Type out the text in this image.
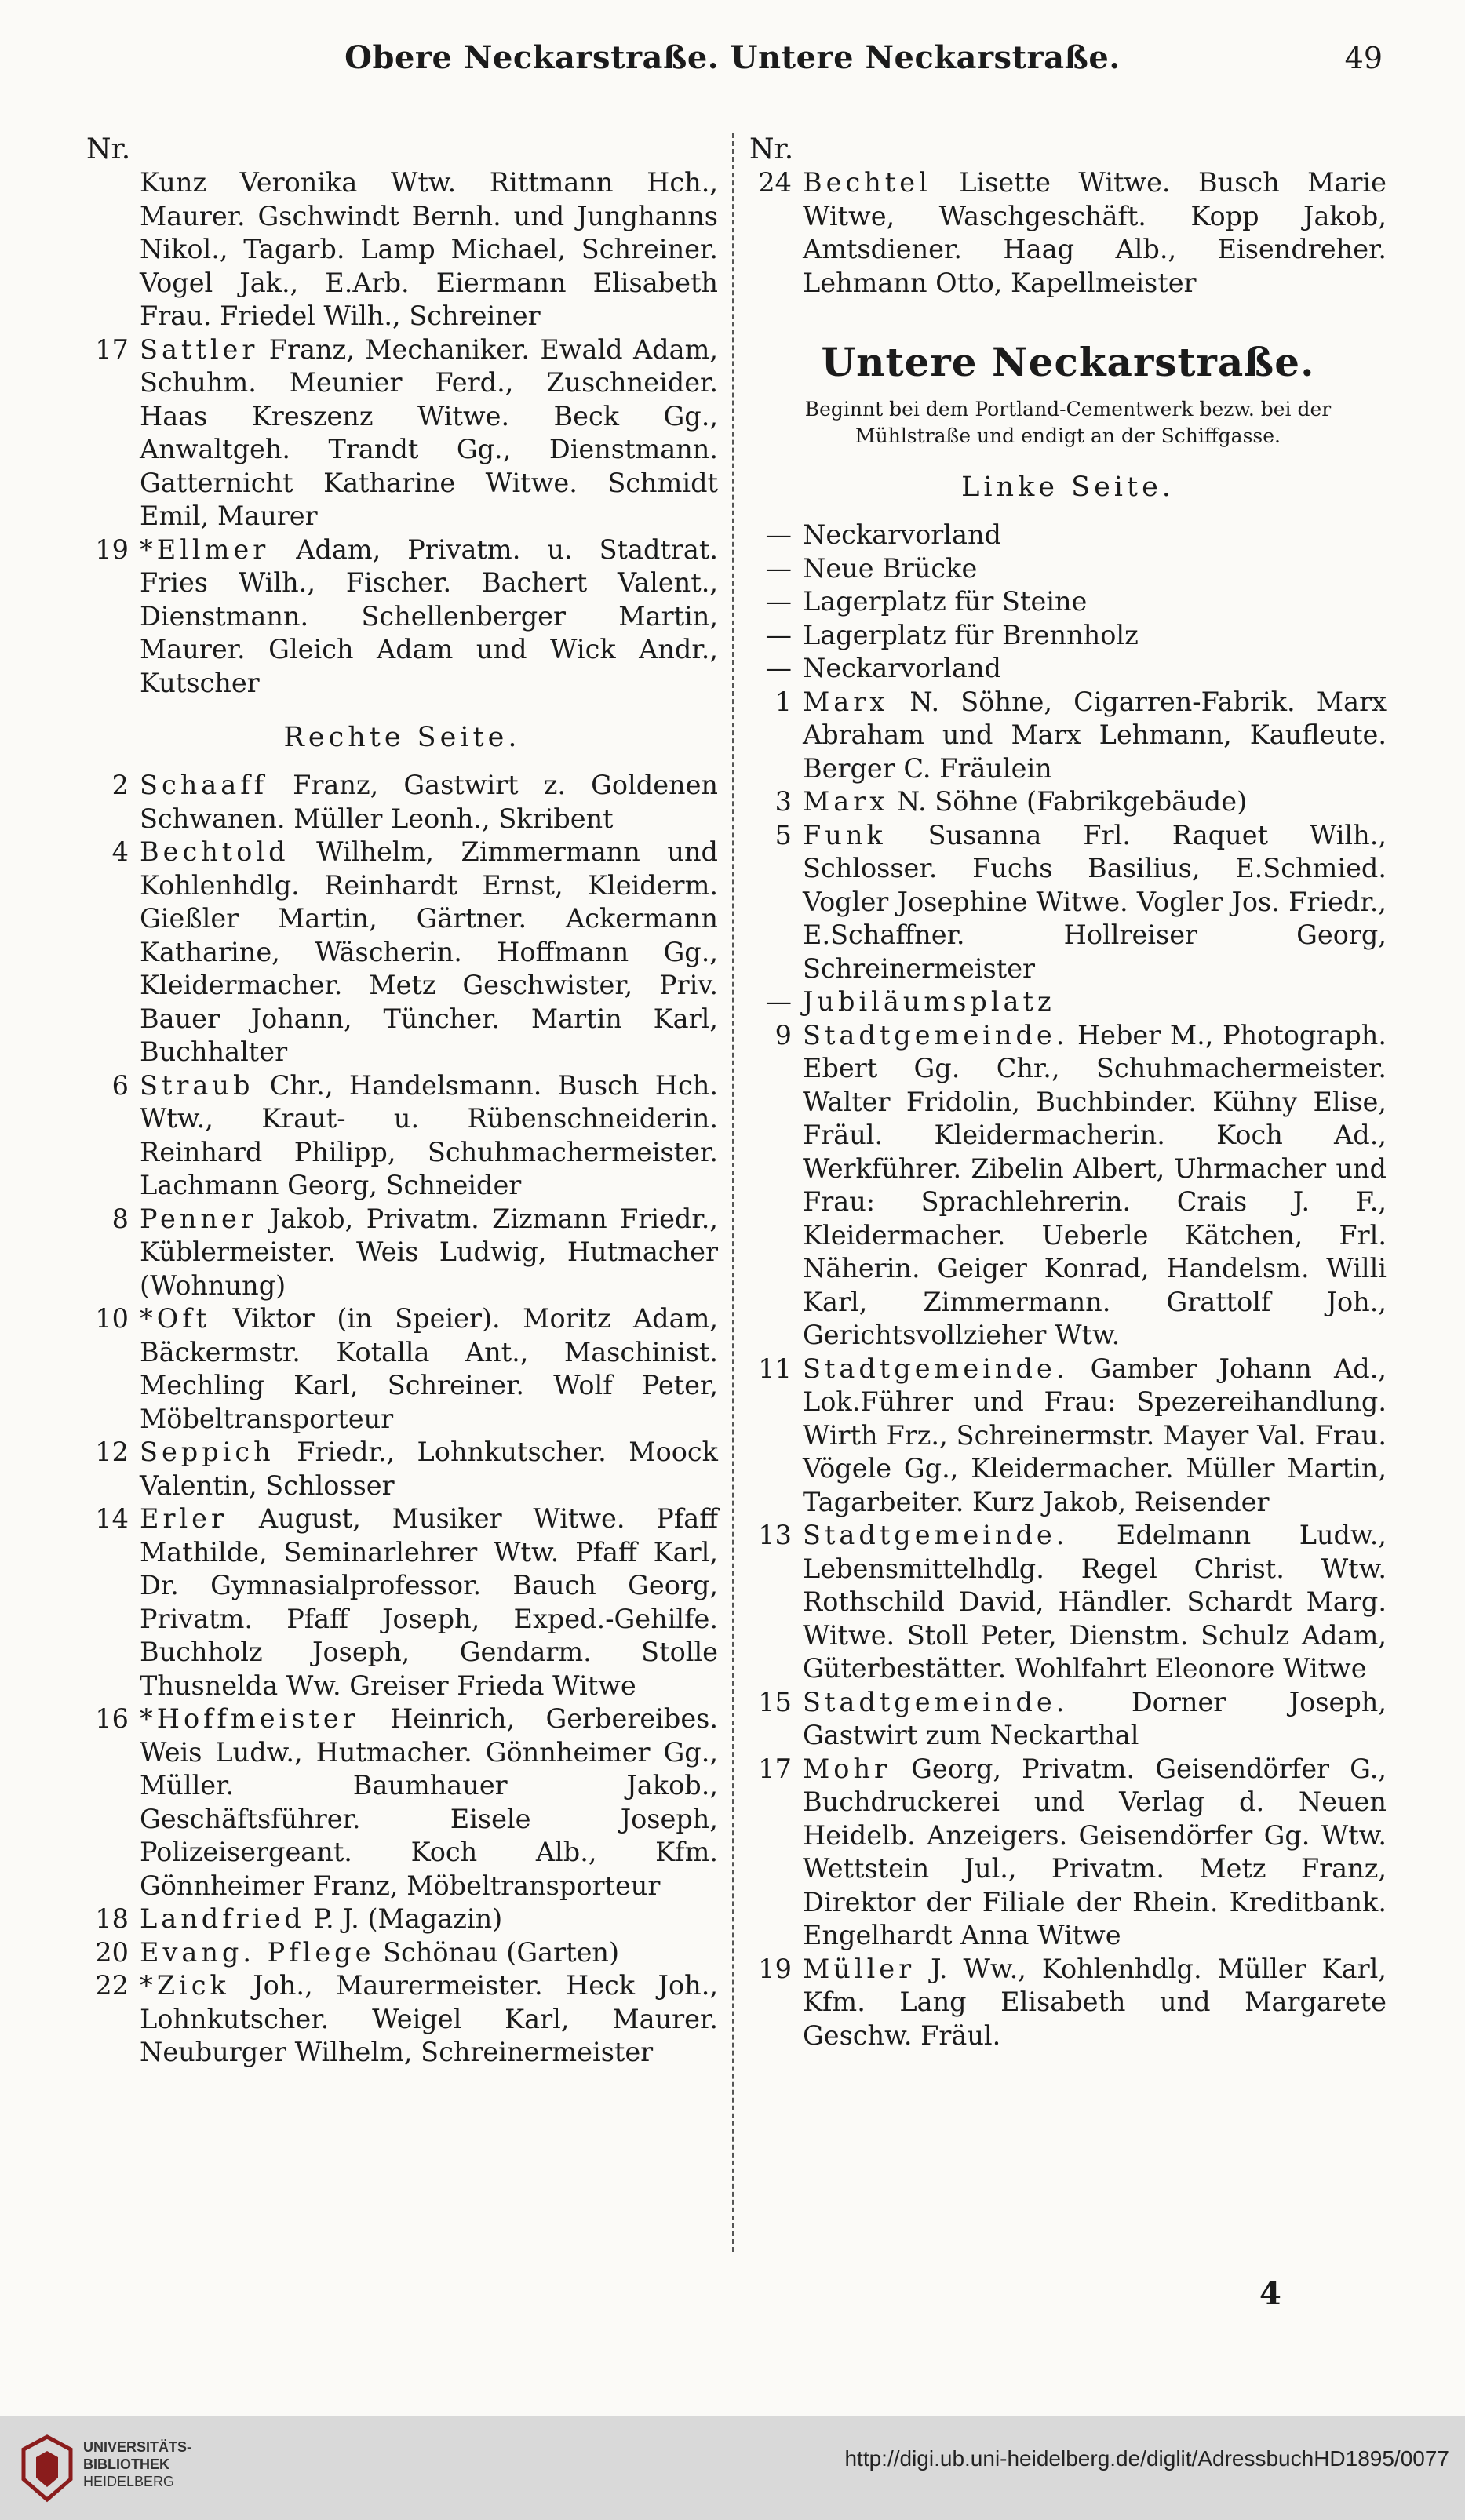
Obere Neckarstraße. Untere Neckarstraße.	49
Nr.
Kunz Veronika Wtw. Rittmann Hch., Maurer. Gschwindt Bernh. und Junghanns Nikol., Tagarb. Lamp Michael, Schreiner. Vogel Jak., E.Arb. Eiermann Elisabeth Frau. Friedel Wilh., Schreiner
17 Sattler Franz, Mechaniker. Ewald Adam, Schuhm. Meunier Ferd., Zuschneider. Haas Kreszenz Witwe. Beck Gg., Anwaltgeh. Trandt Gg., Dienstmann. Gatternicht Katharine Witwe. Schmidt Emil, Maurer
19 *Ellmer Adam, Privatm. u. Stadtrat. Fries Wilh., Fischer. Bachert Valent., Dienstmann. Schellenberger Martin, Maurer. Gleich Adam und Wick Andr., Kutscher
Rechte Seite.
2 Schaaff Franz, Gastwirt z. Goldenen Schwanen. Müller Leonh., Skribent
4 Bechtold Wilhelm, Zimmermann und Kohlenhdlg. Reinhardt Ernst, Kleiderm. Gießler Martin, Gärtner. Ackermann Katharine, Wäscherin. Hoffmann Gg., Kleidermacher. Metz Geschwister, Priv. Bauer Johann, Tüncher. Martin Karl, Buchhalter
6 Straub Chr., Handelsmann. Busch Hch. Wtw., Kraut- u. Rübenschneiderin. Reinhard Philipp, Schuhmachermeister. Lachmann Georg, Schneider
8 Penner Jakob, Privatm. Zizmann Friedr., Küblermeister. Weis Ludwig, Hutmacher (Wohnung)
10 *Oft Viktor (in Speier). Moritz Adam, Bäckermstr. Kotalla Ant., Maschinist. Mechling Karl, Schreiner. Wolf Peter, Möbeltransporteur
12 Seppich Friedr., Lohnkutscher. Moock Valentin, Schlosser
14 Erler August, Musiker Witwe. Pfaff Mathilde, Seminarlehrer Wtw. Pfaff Karl, Dr. Gymnasialprofessor. Bauch Georg, Privatm. Pfaff Joseph, Exped.-Gehilfe. Buchholz Joseph, Gendarm. Stolle Thusnelda Ww. Greiser Frieda Witwe
16 *Hoffmeister Heinrich, Gerbereibes. Weis Ludw., Hutmacher. Gönnheimer Gg., Müller. Baumhauer Jakob., Geschäftsführer. Eisele Joseph, Polizeisergeant. Koch Alb., Kfm. Gönnheimer Franz, Möbeltransporteur
18 Landfried P. J. (Magazin)
20 Evang. Pflege Schönau (Garten)
22 *Zick Joh., Maurermeister. Heck Joh., Lohnkutscher. Weigel Karl, Maurer. Neuburger Wilhelm, Schreinermeister
Nr.
24 Bechtel Lisette Witwe. Busch Marie Witwe, Waschgeschäft. Kopp Jakob, Amtsdiener. Haag Alb., Eisendreher. Lehmann Otto, Kapellmeister
Untere Neckarstraße.
Beginnt bei dem Portland-Cementwerk bezw. bei der Mühlstraße und endigt an der Schiffgasse.
Linke Seite.
— Neckarvorland
— Neue Brücke
— Lagerplatz für Steine
— Lagerplatz für Brennholz
— Neckarvorland
1 Marx N. Söhne, Cigarren-Fabrik. Marx Abraham und Marx Lehmann, Kaufleute. Berger C. Fräulein
3 Marx N. Söhne (Fabrikgebäude)
5 Funk Susanna Frl. Raquet Wilh., Schlosser. Fuchs Basilius, E.Schmied. Vogler Josephine Witwe. Vogler Jos. Friedr., E.Schaffner. Hollreiser Georg, Schreinermeister
— Jubiläumsplatz
9 Stadtgemeinde. Heber M., Photograph. Ebert Gg. Chr., Schuhmachermeister. Walter Fridolin, Buchbinder. Kühny Elise, Fräul. Kleidermacherin. Koch Ad., Werkführer. Zibelin Albert, Uhrmacher und Frau: Sprachlehrerin. Crais J. F., Kleidermacher. Ueberle Kätchen, Frl. Näherin. Geiger Konrad, Handelsm. Willi Karl, Zimmermann. Grattolf Joh., Gerichtsvollzieher Wtw.
11 Stadtgemeinde. Gamber Johann Ad., Lok.Führer und Frau: Spezereihandlung. Wirth Frz., Schreinermstr. Mayer Val. Frau. Vögele Gg., Kleidermacher. Müller Martin, Tagarbeiter. Kurz Jakob, Reisender
13 Stadtgemeinde. Edelmann Ludw., Lebensmittelhdlg. Regel Christ. Wtw. Rothschild David, Händler. Schardt Marg. Witwe. Stoll Peter, Dienstm. Schulz Adam, Güterbestätter. Wohlfahrt Eleonore Witwe
15 Stadtgemeinde. Dorner Joseph, Gastwirt zum Neckarthal
17 Mohr Georg, Privatm. Geisendörfer G., Buchdruckerei und Verlag d. Neuen Heidelb. Anzeigers. Geisendörfer Gg. Wtw. Wettstein Jul., Privatm. Metz Franz, Direktor der Filiale der Rhein. Kreditbank. Engelhardt Anna Witwe
19 Müller J. Ww., Kohlenhdlg. Müller Karl, Kfm. Lang Elisabeth und Margarete Geschw. Fräul.
4
UNIVERSITÄTS-
BIBLIOTHEK
HEIDELBERG
http://digi.ub.uni-heidelberg.de/diglit/AdressbuchHD1895/0077
